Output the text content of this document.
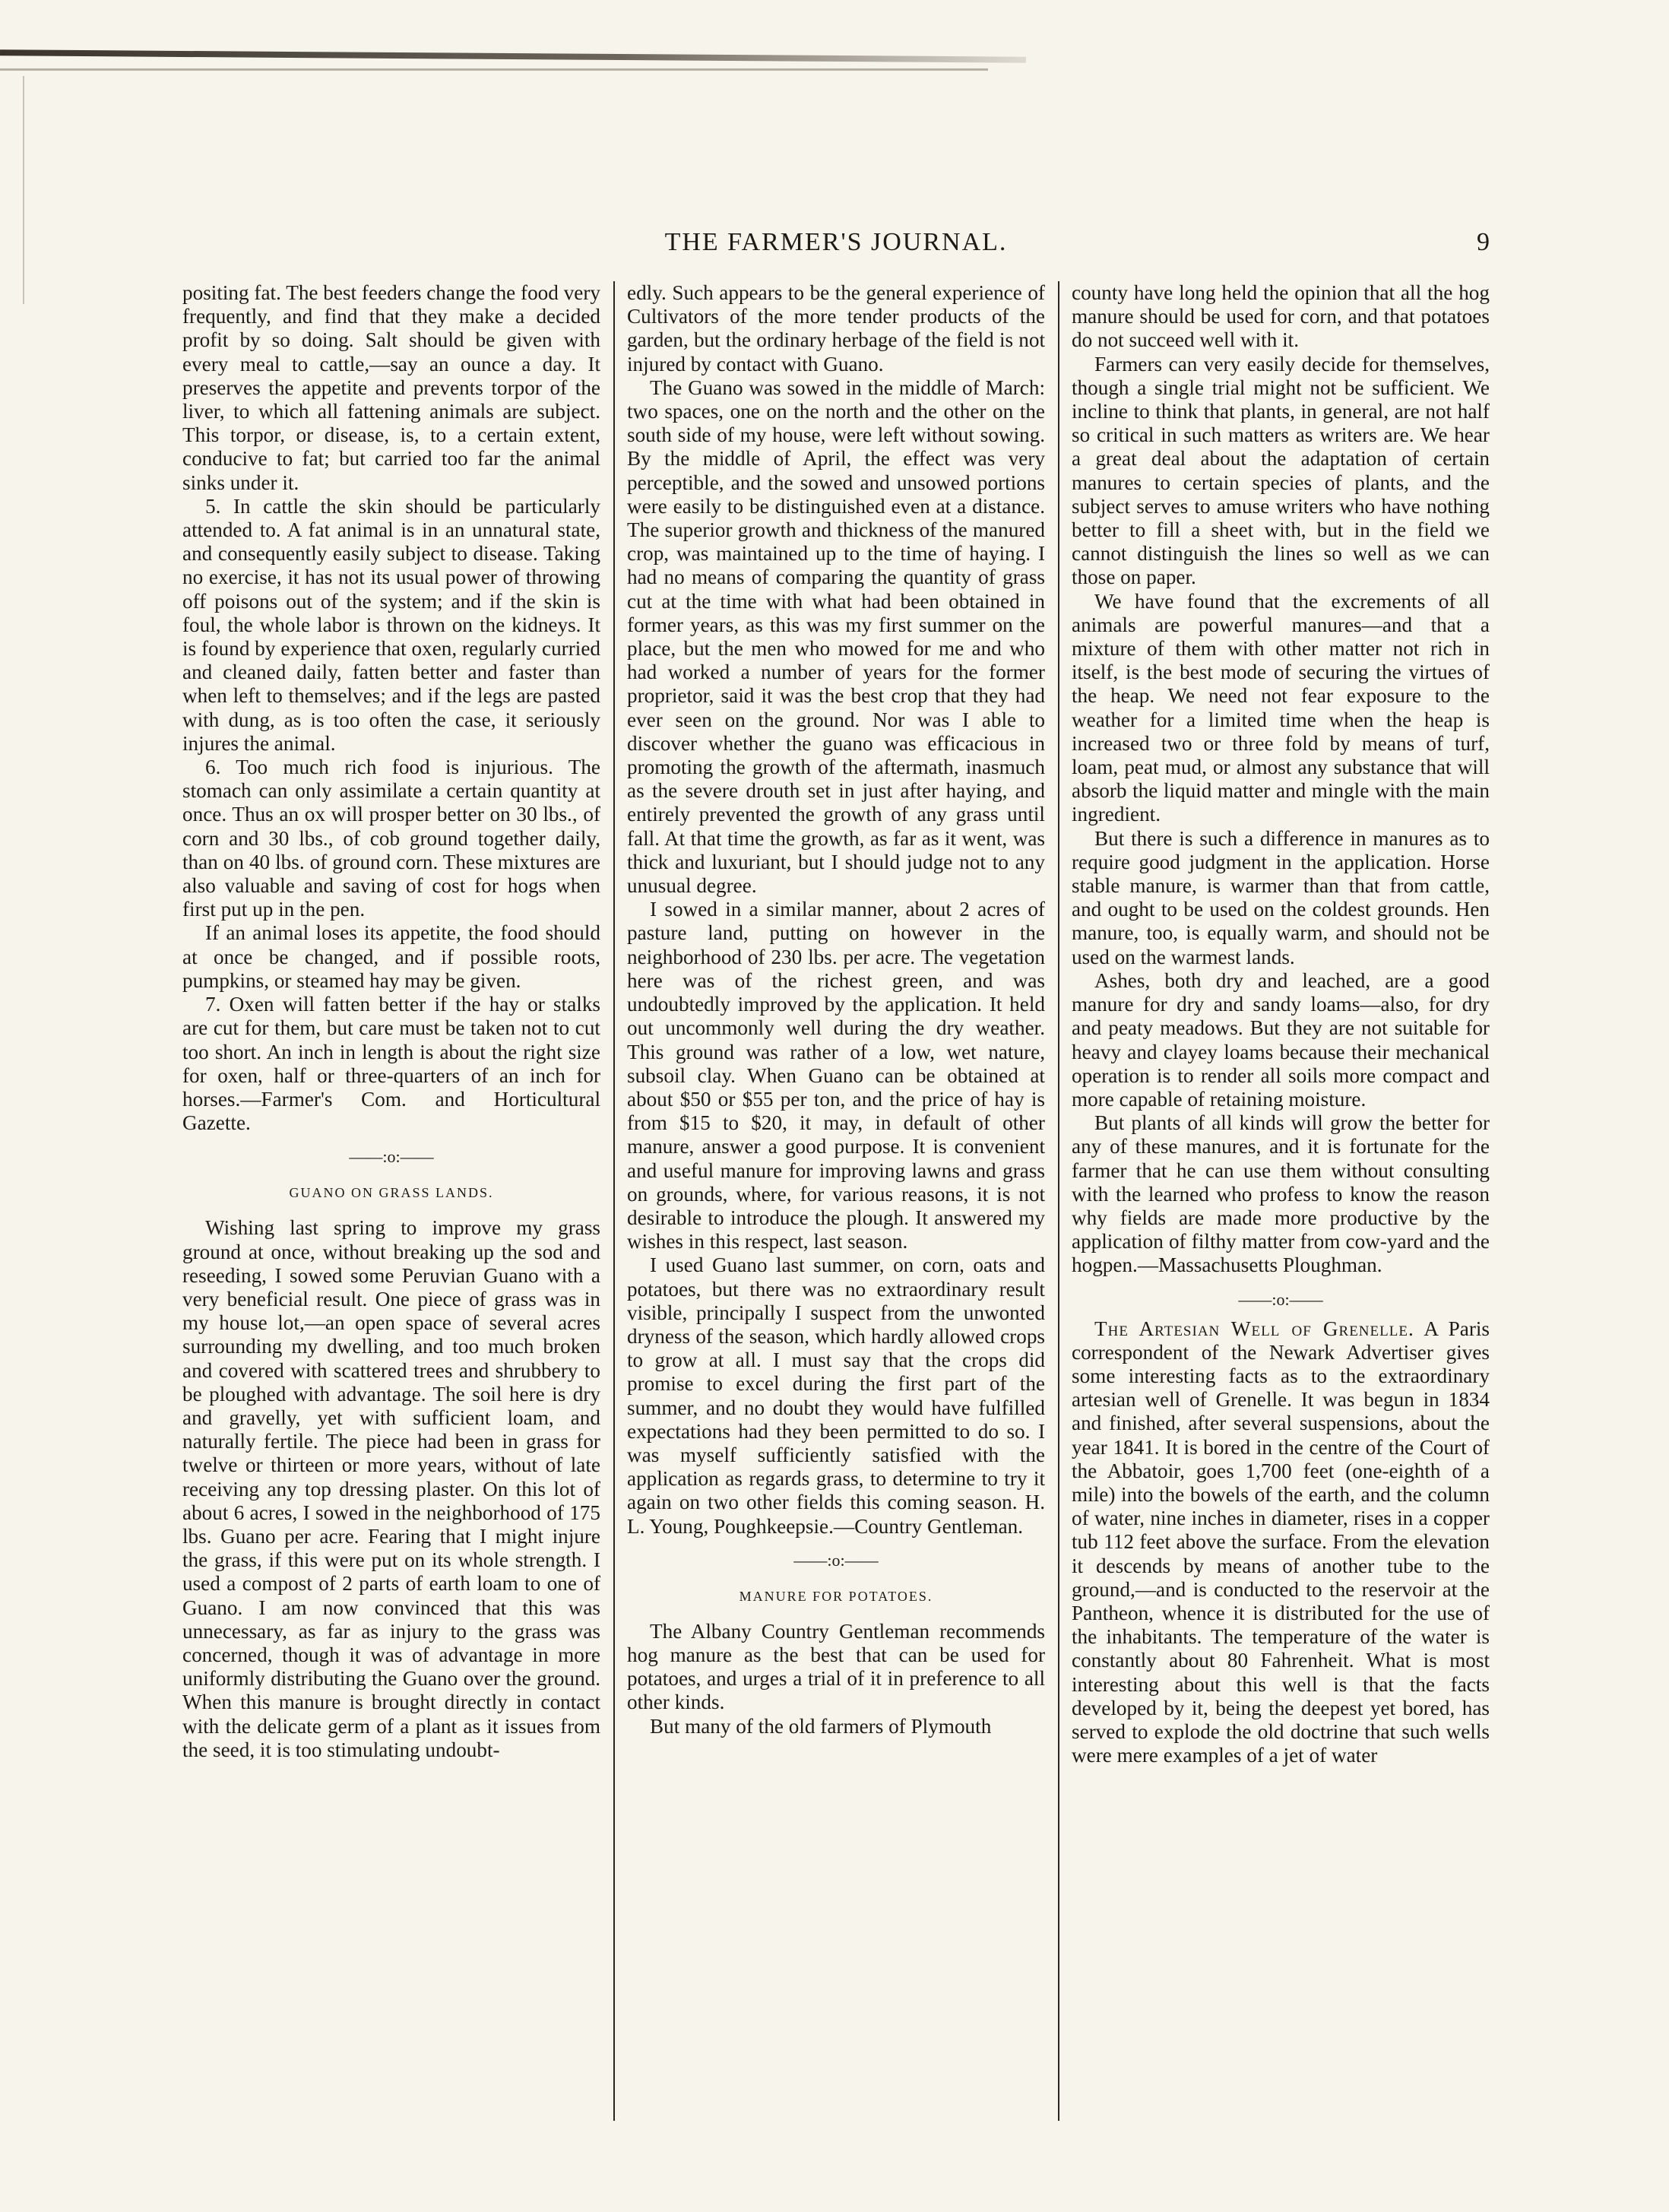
THE FARMER'S JOURNAL.	9

positing fat. The best feeders change the food very frequently, and find that they make a decided profit by so doing. Salt should be given with every meal to cattle,—say an ounce a day. It preserves the appetite and prevents torpor of the liver, to which all fattening animals are subject. This torpor, or disease, is, to a certain extent, conducive to fat; but carried too far the animal sinks under it.

5. In cattle the skin should be particularly attended to. A fat animal is in an unnatural state, and consequently easily subject to disease. Taking no exercise, it has not its usual power of throwing off poisons out of the system; and if the skin is foul, the whole labor is thrown on the kidneys. It is found by experience that oxen, regularly curried and cleaned daily, fatten better and faster than when left to themselves; and if the legs are pasted with dung, as is too often the case, it seriously injures the animal.

6. Too much rich food is injurious. The stomach can only assimilate a certain quantity at once. Thus an ox will prosper better on 30 lbs., of corn and 30 lbs., of cob ground together daily, than on 40 lbs. of ground corn. These mixtures are also valuable and saving of cost for hogs when first put up in the pen.

If an animal loses its appetite, the food should at once be changed, and if possible roots, pumpkins, or steamed hay may be given.

7. Oxen will fatten better if the hay or stalks are cut for them, but care must be taken not to cut too short. An inch in length is about the right size for oxen, half or three-quarters of an inch for horses.—Farmer's Com. and Horticultural Gazette.

——:o:——
GUANO ON GRASS LANDS.

Wishing last spring to improve my grass ground at once, without breaking up the sod and reseeding, I sowed some Peruvian Guano with a very beneficial result. One piece of grass was in my house lot,—an open space of several acres surrounding my dwelling, and too much broken and covered with scattered trees and shrubbery to be ploughed with advantage. The soil here is dry and gravelly, yet with sufficient loam, and naturally fertile. The piece had been in grass for twelve or thirteen or more years, without of late receiving any top dressing plaster. On this lot of about 6 acres, I sowed in the neighborhood of 175 lbs. Guano per acre. Fearing that I might injure the grass, if this were put on its whole strength. I used a compost of 2 parts of earth loam to one of Guano. I am now convinced that this was unnecessary, as far as injury to the grass was concerned, though it was of advantage in more uniformly distributing the Guano over the ground. When this manure is brought directly in contact with the delicate germ of a plant as it issues from the seed, it is too stimulating undoubt-

edly. Such appears to be the general experience of Cultivators of the more tender products of the garden, but the ordinary herbage of the field is not injured by contact with Guano.

The Guano was sowed in the middle of March: two spaces, one on the north and the other on the south side of my house, were left without sowing. By the middle of April, the effect was very perceptible, and the sowed and unsowed portions were easily to be distinguished even at a distance. The superior growth and thickness of the manured crop, was maintained up to the time of haying. I had no means of comparing the quantity of grass cut at the time with what had been obtained in former years, as this was my first summer on the place, but the men who mowed for me and who had worked a number of years for the former proprietor, said it was the best crop that they had ever seen on the ground. Nor was I able to discover whether the guano was efficacious in promoting the growth of the aftermath, inasmuch as the severe drouth set in just after haying, and entirely prevented the growth of any grass until fall. At that time the growth, as far as it went, was thick and luxuriant, but I should judge not to any unusual degree.

I sowed in a similar manner, about 2 acres of pasture land, putting on however in the neighborhood of 230 lbs. per acre. The vegetation here was of the richest green, and was undoubtedly improved by the application. It held out uncommonly well during the dry weather. This ground was rather of a low, wet nature, subsoil clay. When Guano can be obtained at about $50 or $55 per ton, and the price of hay is from $15 to $20, it may, in default of other manure, answer a good purpose. It is convenient and useful manure for improving lawns and grass on grounds, where, for various reasons, it is not desirable to introduce the plough. It answered my wishes in this respect, last season.

I used Guano last summer, on corn, oats and potatoes, but there was no extraordinary result visible, principally I suspect from the unwonted dryness of the season, which hardly allowed crops to grow at all. I must say that the crops did promise to excel during the first part of the summer, and no doubt they would have fulfilled expectations had they been permitted to do so. I was myself sufficiently satisfied with the application as regards grass, to determine to try it again on two other fields this coming season. H. L. Young, Poughkeepsie.—Country Gentleman.

——:o:——
MANURE FOR POTATOES.

The Albany Country Gentleman recommends hog manure as the best that can be used for potatoes, and urges a trial of it in preference to all other kinds.

But many of the old farmers of Plymouth

county have long held the opinion that all the hog manure should be used for corn, and that potatoes do not succeed well with it.

Farmers can very easily decide for themselves, though a single trial might not be sufficient. We incline to think that plants, in general, are not half so critical in such matters as writers are. We hear a great deal about the adaptation of certain manures to certain species of plants, and the subject serves to amuse writers who have nothing better to fill a sheet with, but in the field we cannot distinguish the lines so well as we can those on paper.

We have found that the excrements of all animals are powerful manures—and that a mixture of them with other matter not rich in itself, is the best mode of securing the virtues of the heap. We need not fear exposure to the weather for a limited time when the heap is increased two or three fold by means of turf, loam, peat mud, or almost any substance that will absorb the liquid matter and mingle with the main ingredient.

But there is such a difference in manures as to require good judgment in the application. Horse stable manure, is warmer than that from cattle, and ought to be used on the coldest grounds. Hen manure, too, is equally warm, and should not be used on the warmest lands.

Ashes, both dry and leached, are a good manure for dry and sandy loams—also, for dry and peaty meadows. But they are not suitable for heavy and clayey loams because their mechanical operation is to render all soils more compact and more capable of retaining moisture.

But plants of all kinds will grow the better for any of these manures, and it is fortunate for the farmer that he can use them without consulting with the learned who profess to know the reason why fields are made more productive by the application of filthy matter from cow-yard and the hogpen.—Massachusetts Ploughman.

——:o:——

The Artesian Well of Grenelle. A Paris correspondent of the Newark Advertiser gives some interesting facts as to the extraordinary artesian well of Grenelle. It was begun in 1834 and finished, after several suspensions, about the year 1841. It is bored in the centre of the Court of the Abbatoir, goes 1,700 feet (one-eighth of a mile) into the bowels of the earth, and the column of water, nine inches in diameter, rises in a copper tub 112 feet above the surface. From the elevation it descends by means of another tube to the ground,—and is conducted to the reservoir at the Pantheon, whence it is distributed for the use of the inhabitants. The temperature of the water is constantly about 80 Fahrenheit. What is most interesting about this well is that the facts developed by it, being the deepest yet bored, has served to explode the old doctrine that such wells were mere examples of a jet of water
